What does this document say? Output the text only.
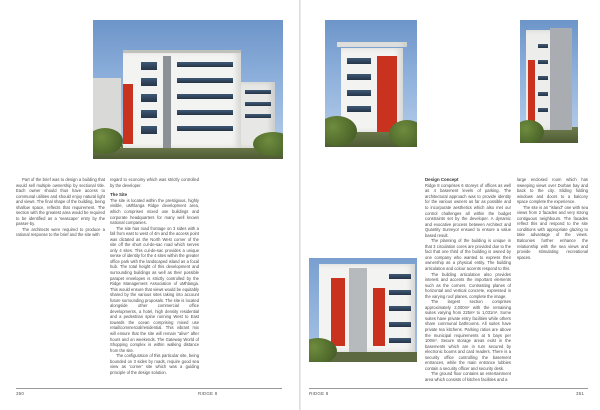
Part of the brief was to design a building that would sell multiple ownership by sectional title. Each owner should thus have access to communal utilities and should enjoy natural light and views. The final shape of the building, being shallow space, reflects that requirement. The section with the greatest area would be required to be identified as a 'seascape' entry by the passer-by.

The architects were required to produce a rational response to the brief and the site with

regard to economy which was strictly controlled by the developer.

The Site

The site is located within the prestigious, highly visible, uMhlanga Ridge development area, which comprises mixed use buildings and corporate headquarters for many well known national companies.

The site has road frontage on 3 sides with a fall from east to west of 4m and the access point was dictated as the North West corner of the site off the short cul-de-sac road which serves only 4 sites. This cul-de-sac provides a unique sense of identity for the 4 sites within the greater office park with the landscaped island as a focal hub. The total height of this development and surrounding buildings as well as their possible parapet envelopes is strictly controlled by the Ridge Management Association of uMhlanga. This would ensure that views would be equitably shared by the various sites taking into account future surrounding proposals. The site is located alongside other commercial office developments, a hotel, high density residential and a pedestrian spine running West to East towards the ocean comprising mixed use retail/commercial/residential. This vibrant mix will ensure that the site will remain "alive" after hours and on weekends. The Gateway World of Shopping complex is within walking distance from the site.

The configuration of this particular site, being bounded on 3 sides by roads, require good sea view as 'corner' site which was a guiding principle of the design solution.

350	RIDGE 8
Design Concept

Ridge 8 comprises 6 storeys of offices as well as 4 basement levels of parking. The architectural approach was to provide identity for the various owners as far as possible and to incorporate aesthetics which also met our control challenges all within the budget constraints set by the developer. A dynamic and evocative process between Architect and Quantity Surveyor ensued to ensure a value based result.

The planning of the building is unique in that 3 circulation cores are provided due to the fact that one third of the building is owned by one company who wanted to express their ownership as a physical entity. The building articulation and colour accents respond to this.

The building articulation also provides interest and accents the important elements such as the corners. Contrasting planes of horizontal and vertical concrete, expressed in the varying roof planes, complete the image.

The largest section comprises approximately 2,000m² with the remaining suites varying from 225m² to 1,031m². Some suites have private entry facilities while others share communal bathrooms. All suites have private tea kitchens. Parking ratios are above the municipal requirements at 5 bays per 100m². Secure storage areas exist in the basements which are in turn secured by electronic booms and card readers. There is a security office controlling the basement entrances, while the main entrance lobbies contain a security officer and security desk.

The ground floor contains an entertainment area which consists of kitchen facilities and a

large enclosed room which has sweeping views over Durban bay and back to the city. Sliding folding windows and doors to a balcony space complete the experience.

The site is an "island" one with sea views from 2 facades and very strong contiguous neighbours. The facades reflect this and respond to the site conditions with appropriate glazing to take advantage of the views. Balconies further enhance the relationship with the sea views and provide stimulating recreational spaces.

RIDGE 8	351
